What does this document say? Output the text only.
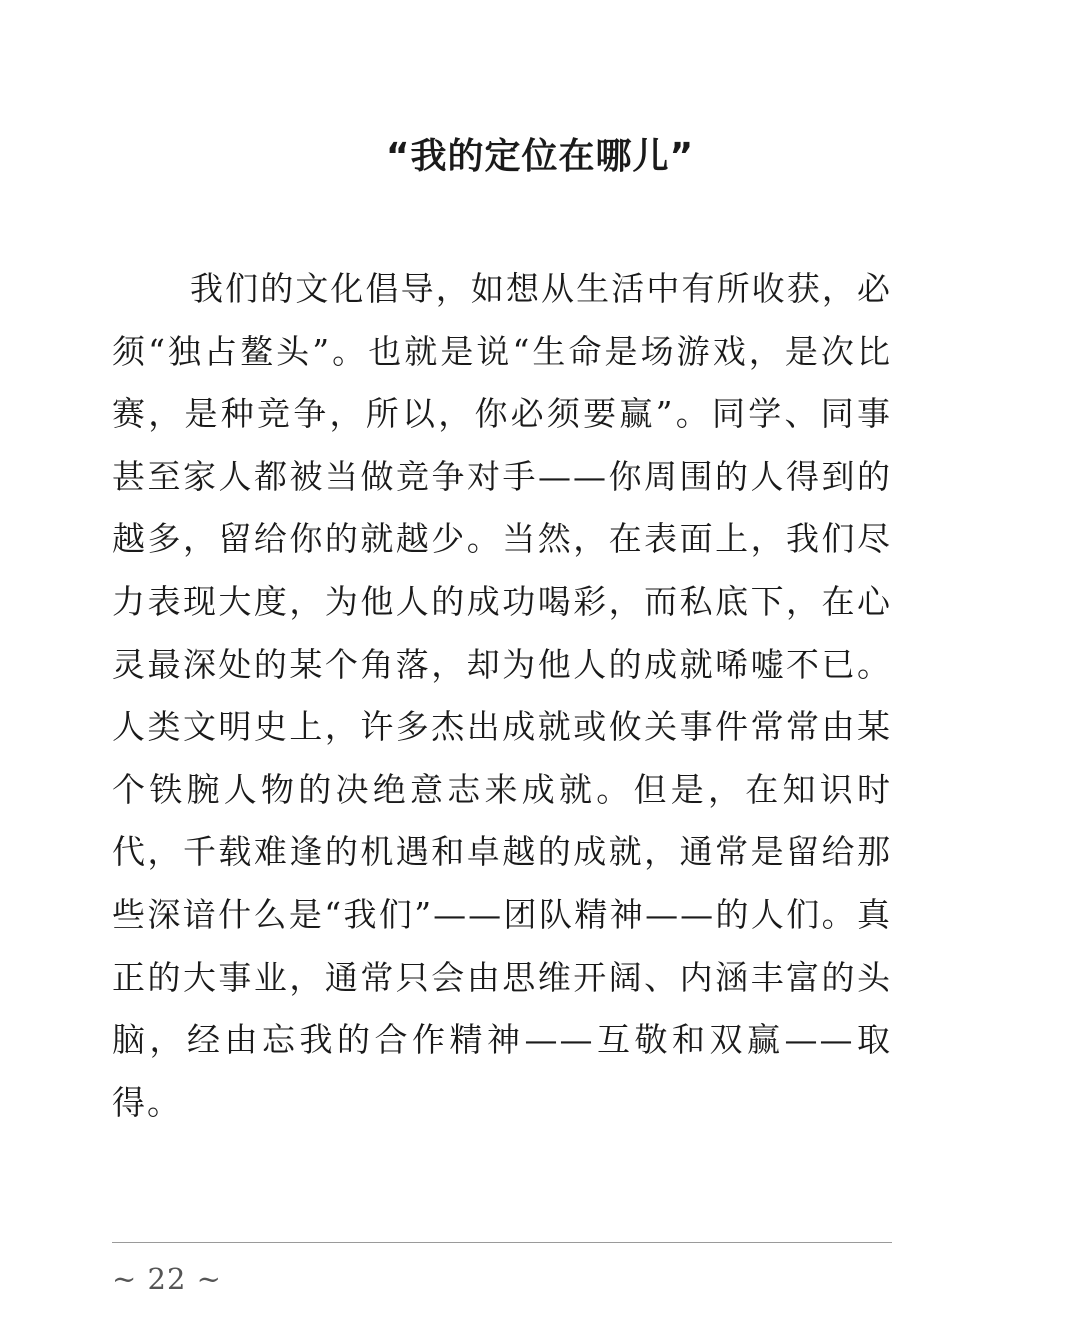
“我的定位在哪儿”

我们的文化倡导，如想从生活中有所收获，必须“独占鳌头”。也就是说“生命是场游戏，是次比赛，是种竞争，所以，你必须要赢”。同学、同事甚至家人都被当做竞争对手——你周围的人得到的越多，留给你的就越少。当然，在表面上，我们尽力表现大度，为他人的成功喝彩，而私底下，在心灵最深处的某个角落，却为他人的成就唏嘘不已。人类文明史上，许多杰出成就或攸关事件常常由某个铁腕人物的决绝意志来成就。但是，在知识时代，千载难逢的机遇和卓越的成就，通常是留给那些深谙什么是“我们”——团队精神——的人们。真正的大事业，通常只会由思维开阔、内涵丰富的头脑，经由忘我的合作精神——互敬和双赢——取得。

~ 22 ~
